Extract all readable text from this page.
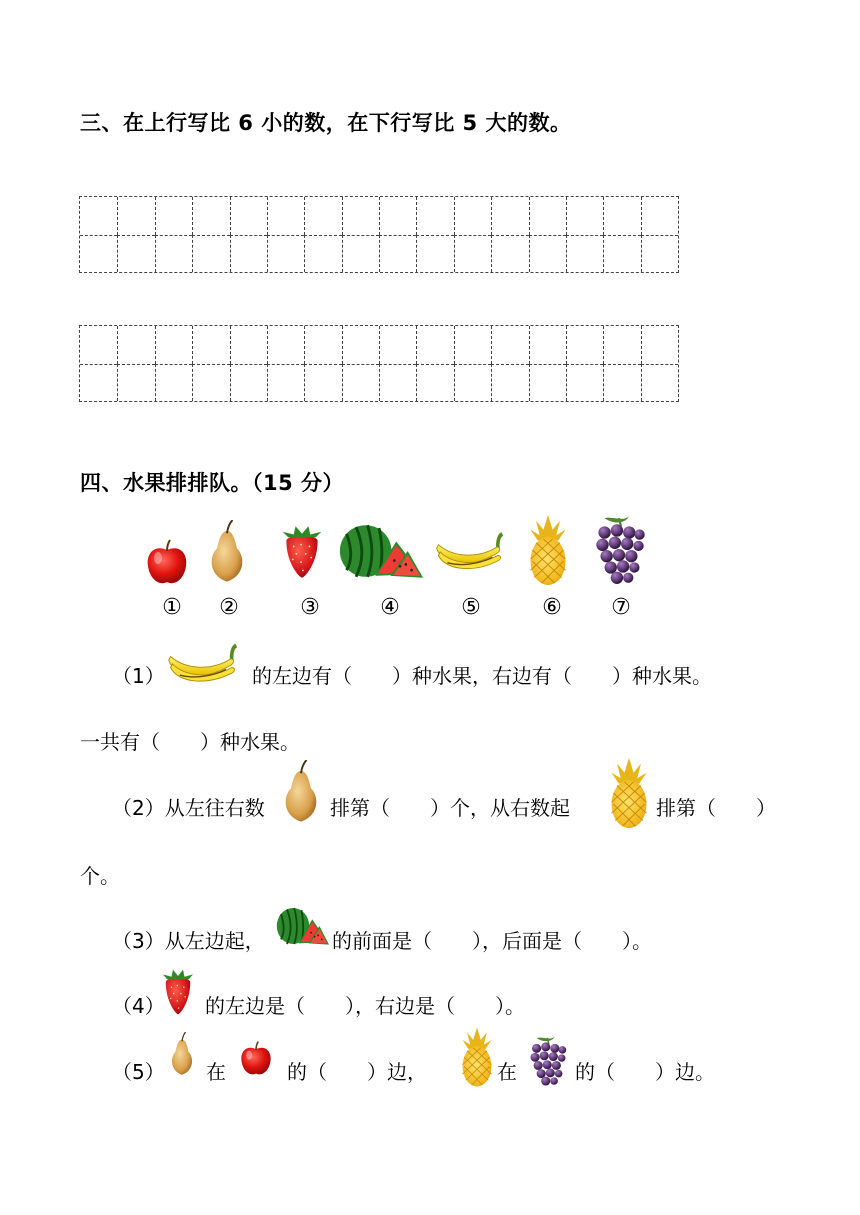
三、在上行写比 6 小的数，在下行写比 5 大的数。
四、水果排排队。（15 分）
①	②	③	④	⑤	⑥	⑦
（1）	的左边有（　　）种水果，右边有（　　）种水果。
一共有（　　）种水果。
（2）从左往右数	排第（　　）个，从右数起	排第（　　）
个。
（3）从左边起，	的前面是（　　），后面是（　　）。
（4） 的左边是（　　），右边是（　　）。
（5） 在	的（　　）边，	在	的（　　）边。
